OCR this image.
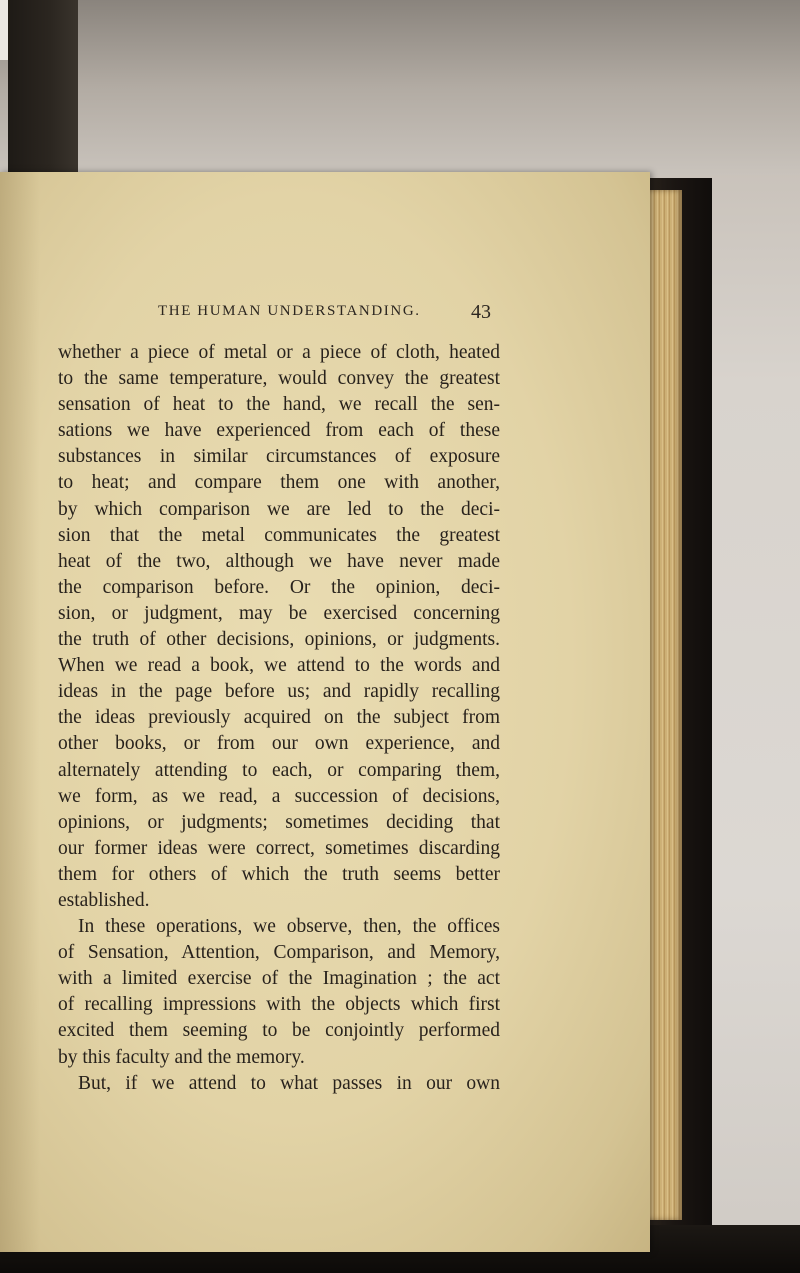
THE HUMAN UNDERSTANDING.	43
whether a piece of metal or a piece of cloth, heated
to the same temperature, would convey the greatest
sensation of heat to the hand, we recall the sen-
sations we have experienced from each of these
substances in similar circumstances of exposure
to heat; and compare them one with another,
by which comparison we are led to the deci-
sion that the metal communicates the greatest
heat of the two, although we have never made
the comparison before. Or the opinion, deci-
sion, or judgment, may be exercised concerning
the truth of other decisions, opinions, or judgments.
When we read a book, we attend to the words and
ideas in the page before us; and rapidly recalling
the ideas previously acquired on the subject from
other books, or from our own experience, and
alternately attending to each, or comparing them,
we form, as we read, a succession of decisions,
opinions, or judgments; sometimes deciding that
our former ideas were correct, sometimes discarding
them for others of which the truth seems better
established.
In these operations, we observe, then, the offices
of Sensation, Attention, Comparison, and Memory,
with a limited exercise of the Imagination ; the act
of recalling impressions with the objects which first
excited them seeming to be conjointly performed
by this faculty and the memory.
But, if we attend to what passes in our own
